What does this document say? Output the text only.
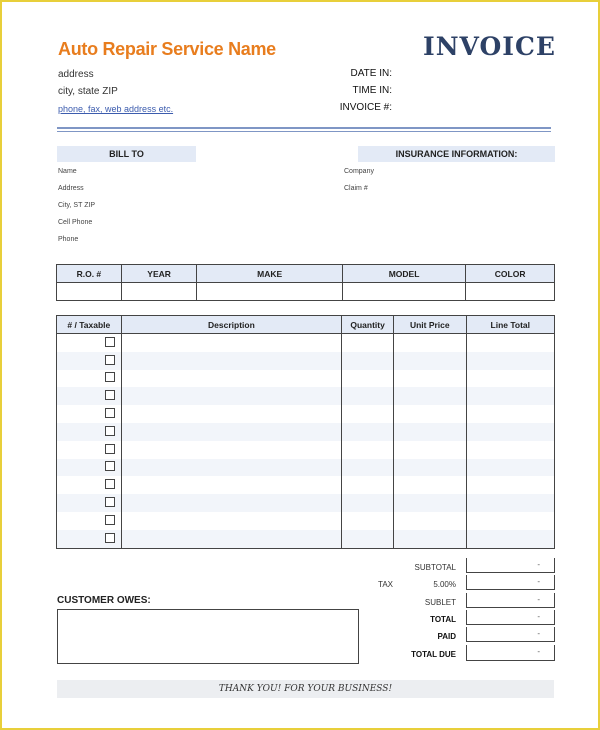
Auto Repair Service Name	INVOICE
address
city, state ZIP
phone, fax, web address etc.
DATE IN:
TIME IN:
INVOICE #:
BILL TO	INSURANCE INFORMATION:
Name
Address
City, ST ZIP
Cell Phone
Phone
Company
Claim #
R.O. #	YEAR	MAKE	MODEL	COLOR

# / Taxable	Description	Quantity	Unit Price	Line Total

SUBTOTAL	-
TAX	5.00%	-
SUBLET	-
TOTAL	-
PAID	-
TOTAL DUE	-
CUSTOMER OWES:
THANK YOU! FOR YOUR BUSINESS!
